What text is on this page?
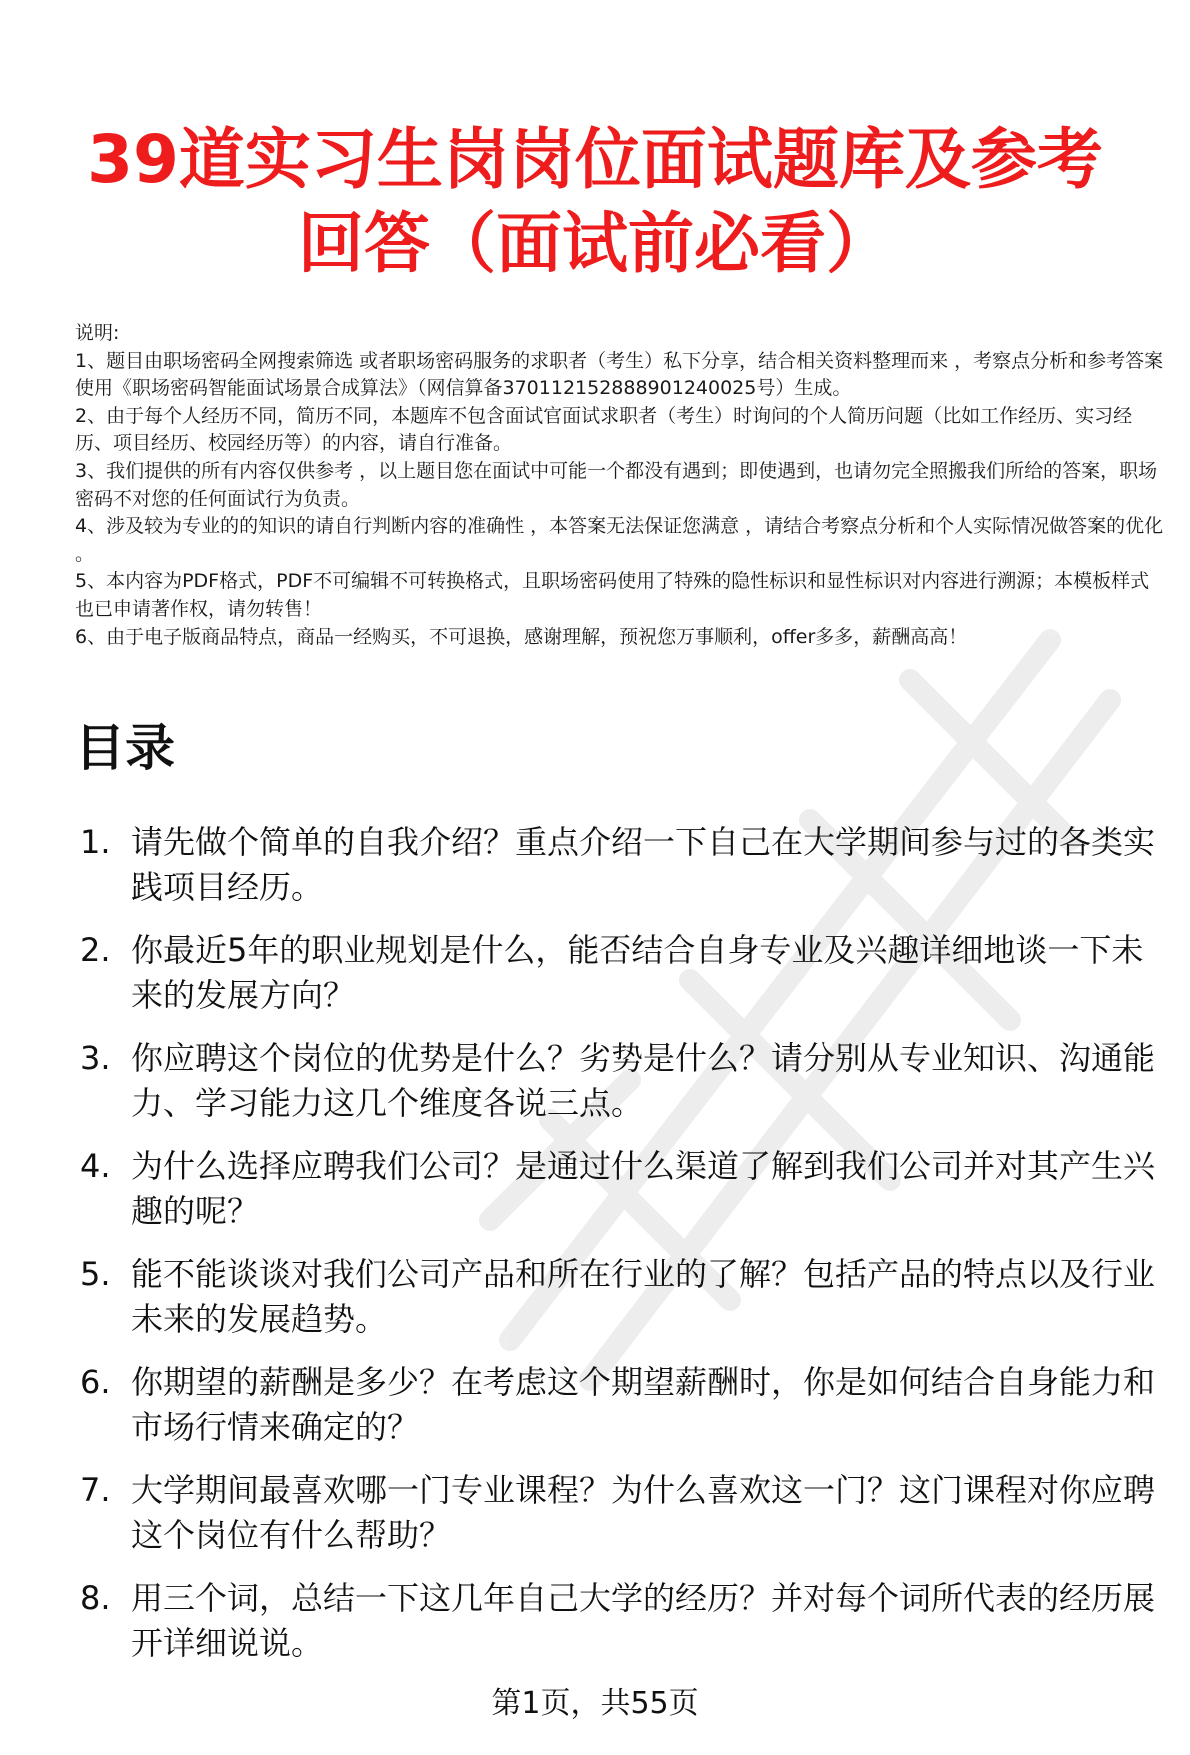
39道实习生岗岗位面试题库及参考回答（面试前必看）

说明:

1、题目由职场密码全网搜索筛选 或者职场密码服务的求职者（考生）私下分享，结合相关资料整理而来 ，考察点分析和参考答案使用《职场密码智能面试场景合成算法》（网信算备370112152888901240025号）生成。

2、由于每个人经历不同，简历不同，本题库不包含面试官面试求职者（考生）时询问的个人简历问题（比如工作经历、实习经历、项目经历、校园经历等）的内容，请自行准备。

3、我们提供的所有内容仅供参考 ，以上题目您在面试中可能一个都没有遇到；即使遇到，也请勿完全照搬我们所给的答案，职场密码不对您的任何面试行为负责。

4、涉及较为专业的的知识的请自行判断内容的准确性 ，本答案无法保证您满意 ，请结合考察点分析和个人实际情况做答案的优化 。

5、本内容为PDF格式，PDF不可编辑不可转换格式，且职场密码使用了特殊的隐性标识和显性标识对内容进行溯源；本模板样式也已申请著作权，请勿转售！

6、由于电子版商品特点，商品一经购买，不可退换，感谢理解，预祝您万事顺利，offer多多，薪酬高高！

目录
1. 请先做个简单的自我介绍？重点介绍一下自己在大学期间参与过的各类实践项目经历。
2. 你最近5年的职业规划是什么，能否结合自身专业及兴趣详细地谈一下未来的发展方向？
3. 你应聘这个岗位的优势是什么？劣势是什么？请分别从专业知识、沟通能力、学习能力这几个维度各说三点。
4. 为什么选择应聘我们公司？是通过什么渠道了解到我们公司并对其产生兴趣的呢？
5. 能不能谈谈对我们公司产品和所在行业的了解？包括产品的特点以及行业未来的发展趋势。
6. 你期望的薪酬是多少？在考虑这个期望薪酬时，你是如何结合自身能力和市场行情来确定的？
7. 大学期间最喜欢哪一门专业课程？为什么喜欢这一门？这门课程对你应聘这个岗位有什么帮助？
8. 用三个词，总结一下这几年自己大学的经历？并对每个词所代表的经历展开详细说说。
第1页，共55页
